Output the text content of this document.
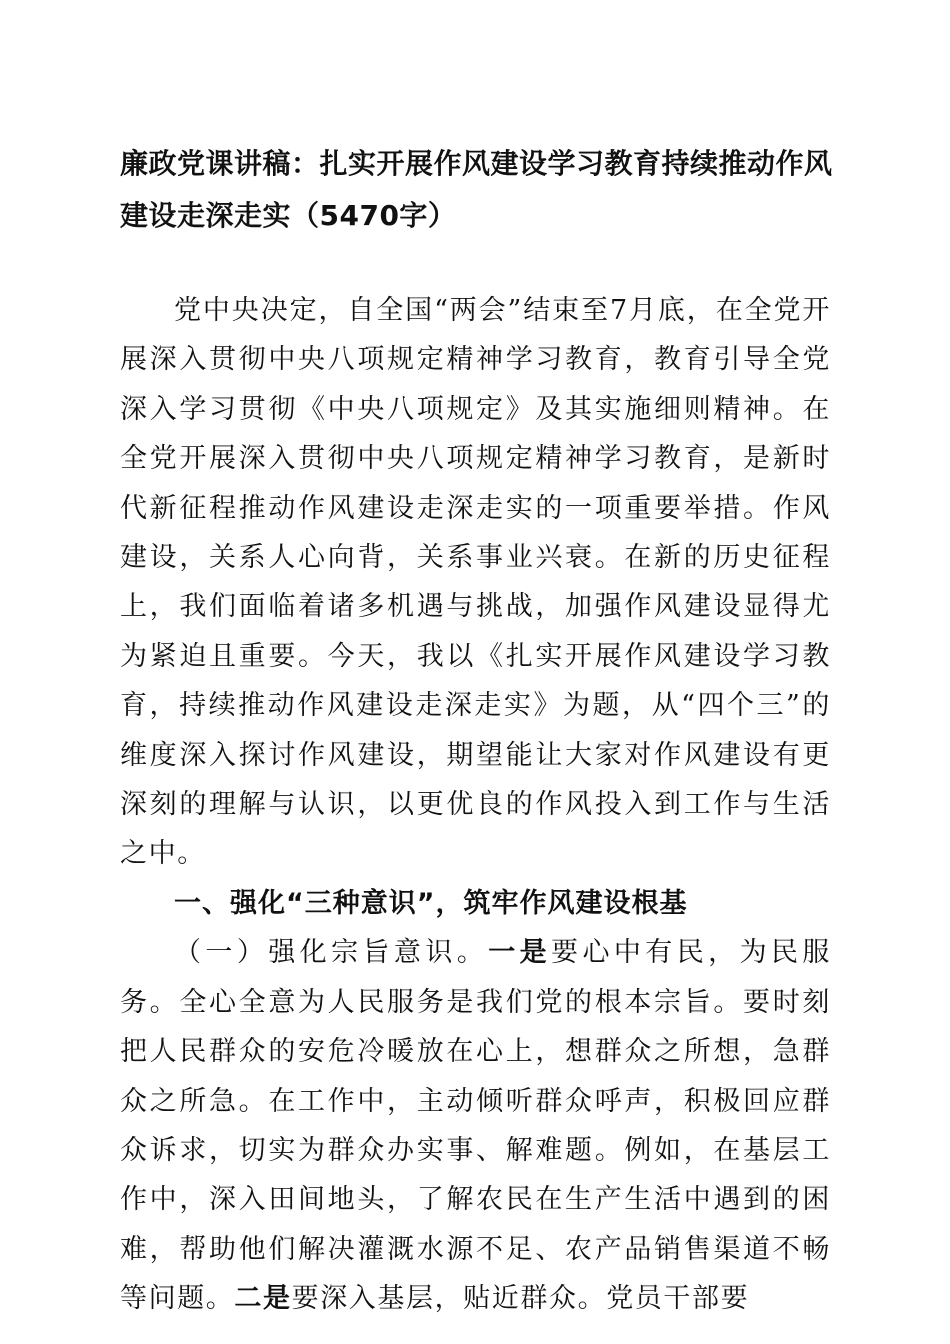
廉政党课讲稿：扎实开展作风建设学习教育持续推动作风建设走深走实（5470字）

党中央决定，自全国“两会”结束至7月底，在全党开展深入贯彻中央八项规定精神学习教育，教育引导全党深入学习贯彻《中央八项规定》及其实施细则精神。在全党开展深入贯彻中央八项规定精神学习教育，是新时代新征程推动作风建设走深走实的一项重要举措。作风建设，关系人心向背，关系事业兴衰。在新的历史征程上，我们面临着诸多机遇与挑战，加强作风建设显得尤为紧迫且重要。今天，我以《扎实开展作风建设学习教育，持续推动作风建设走深走实》为题，从“四个三”的维度深入探讨作风建设，期望能让大家对作风建设有更深刻的理解与认识，以更优良的作风投入到工作与生活之中。

一、强化“三种意识”，筑牢作风建设根基

（一）强化宗旨意识。一是要心中有民，为民服务。全心全意为人民服务是我们党的根本宗旨。要时刻把人民群众的安危冷暖放在心上，想群众之所想，急群众之所急。在工作中，主动倾听群众呼声，积极回应群众诉求，切实为群众办实事、解难题。例如，在基层工作中，深入田间地头，了解农民在生产生活中遇到的困难，帮助他们解决灌溉水源不足、农产品销售渠道不畅等问题。二是要深入基层，贴近群众。党员干部要
